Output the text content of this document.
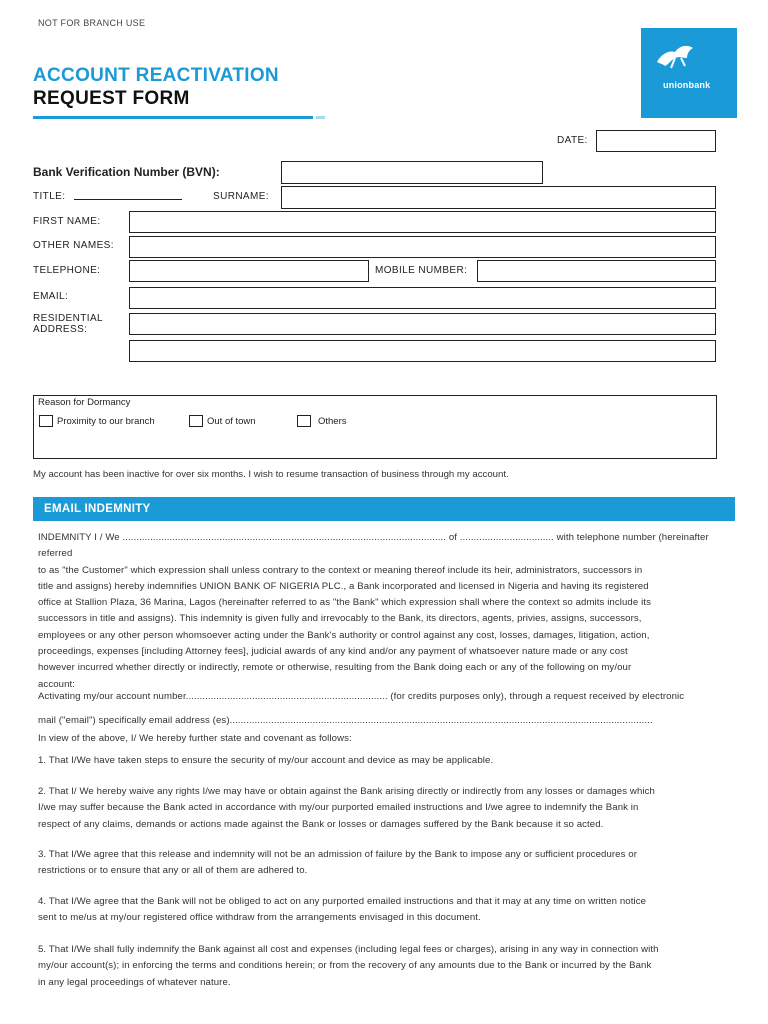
NOT FOR BRANCH USE
ACCOUNT REACTIVATION
REQUEST FORM
unionbank
DATE:
Bank Verification Number (BVN):
TITLE:	SURNAME:
FIRST NAME:
OTHER NAMES:
TELEPHONE:	MOBILE NUMBER:
EMAIL:
RESIDENTIAL
ADDRESS:
Reason for Dormancy
Proximity to our branch	Out of town	Others
My account has been inactive for over six months. I wish to resume transaction of business through my account.
EMAIL INDEMNITY
INDEMNITY I / We ..................................................................................................................... of .................................. with telephone number (hereinafter referred
to as "the Customer" which expression shall unless contrary to the context or meaning thereof include its heir, administrators, successors in
title and assigns) hereby indemnifies UNION BANK OF NIGERIA PLC., a Bank incorporated and licensed in Nigeria and having its registered
office at Stallion Plaza, 36 Marina, Lagos (hereinafter referred to as "the Bank" which expression shall where the context so admits include its
successors in title and assigns). This indemnity is given fully and irrevocably to the Bank, its directors, agents, privies, assigns, successors,
employees or any other person whomsoever acting under the Bank's authority or control against any cost, losses, damages, litigation, action,
proceedings, expenses [including Attorney fees], judicial awards of any kind and/or any payment of whatsoever nature made or any cost
however incurred whether directly or indirectly, remote or otherwise, resulting from the Bank doing each or any of the following on my/our
account:
Activating my/our account number......................................................................... (for credits purposes only), through a request received by electronic
mail ("email") specifically email address (es).........................................................................................................................................................
In view of the above, I/ We hereby further state and covenant as follows:
1. That I/We have taken steps to ensure the security of my/our account and device as may be applicable.
2. That I/ We hereby waive any rights I/we may have or obtain against the Bank arising directly or indirectly from any losses or damages which
I/we may suffer because the Bank acted in accordance with my/our purported emailed instructions and I/we agree to indemnify the Bank in
respect of any claims, demands or actions made against the Bank or losses or damages suffered by the Bank because it so acted.
3. That I/We agree that this release and indemnity will not be an admission of failure by the Bank to impose any or sufficient procedures or
restrictions or to ensure that any or all of them are adhered to.
4. That I/We agree that the Bank will not be obliged to act on any purported emailed instructions and that it may at any time on written notice
sent to me/us at my/our registered office withdraw from the arrangements envisaged in this document.
5. That I/We shall fully indemnify the Bank against all cost and expenses (including legal fees or charges), arising in any way in connection with
my/our account(s); in enforcing the terms and conditions herein; or from the recovery of any amounts due to the Bank or incurred by the Bank
in any legal proceedings of whatever nature.
